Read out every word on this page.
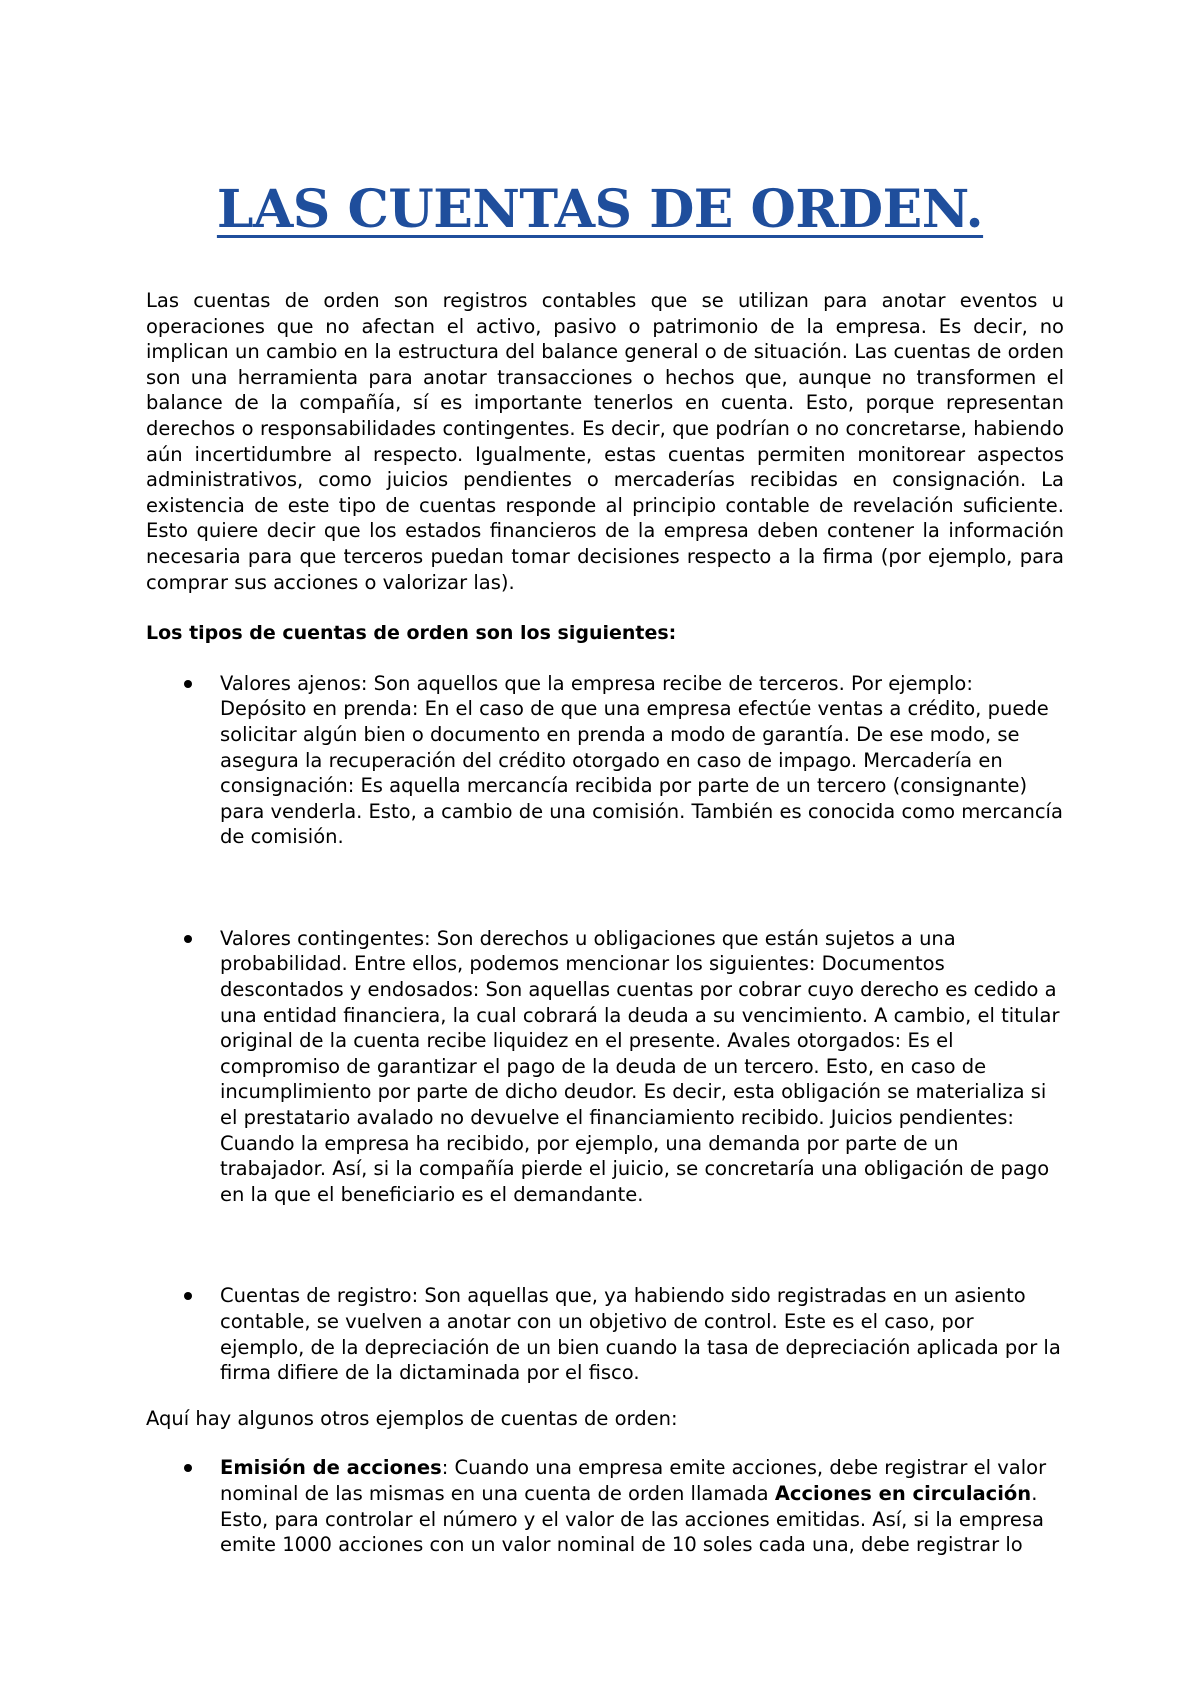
LAS CUENTAS DE ORDEN.

Las cuentas de orden son registros contables que se utilizan para anotar eventos u operaciones que no afectan el activo, pasivo o patrimonio de la empresa. Es decir, no implican un cambio en la estructura del balance general o de situación. Las cuentas de orden son una herramienta para anotar transacciones o hechos que, aunque no transformen el balance de la compañía, sí es importante tenerlos en cuenta. Esto, porque representan derechos o responsabilidades contingentes. Es decir, que podrían o no concretarse, habiendo aún incertidumbre al respecto. Igualmente, estas cuentas permiten monitorear aspectos administrativos, como juicios pendientes o mercaderías recibidas en consignación. La existencia de este tipo de cuentas responde al principio contable de revelación suficiente. Esto quiere decir que los estados financieros de la empresa deben contener la información necesaria para que terceros puedan tomar decisiones respecto a la firma (por ejemplo, para comprar sus acciones o valorizar las).

Los tipos de cuentas de orden son los siguientes:

Valores ajenos: Son aquellos que la empresa recibe de terceros. Por ejemplo: Depósito en prenda: En el caso de que una empresa efectúe ventas a crédito, puede solicitar algún bien o documento en prenda a modo de garantía. De ese modo, se asegura la recuperación del crédito otorgado en caso de impago. Mercadería en consignación: Es aquella mercancía recibida por parte de un tercero (consignante) para venderla. Esto, a cambio de una comisión. También es conocida como mercancía de comisión.
Valores contingentes: Son derechos u obligaciones que están sujetos a una probabilidad. Entre ellos, podemos mencionar los siguientes: Documentos descontados y endosados: Son aquellas cuentas por cobrar cuyo derecho es cedido a una entidad financiera, la cual cobrará la deuda a su vencimiento. A cambio, el titular original de la cuenta recibe liquidez en el presente. Avales otorgados: Es el compromiso de garantizar el pago de la deuda de un tercero. Esto, en caso de incumplimiento por parte de dicho deudor. Es decir, esta obligación se materializa si el prestatario avalado no devuelve el financiamiento recibido. Juicios pendientes: Cuando la empresa ha recibido, por ejemplo, una demanda por parte de un trabajador. Así, si la compañía pierde el juicio, se concretaría una obligación de pago en la que el beneficiario es el demandante.
Cuentas de registro: Son aquellas que, ya habiendo sido registradas en un asiento contable, se vuelven a anotar con un objetivo de control. Este es el caso, por ejemplo, de la depreciación de un bien cuando la tasa de depreciación aplicada por la firma difiere de la dictaminada por el fisco.

Aquí hay algunos otros ejemplos de cuentas de orden:

Emisión de acciones: Cuando una empresa emite acciones, debe registrar el valor nominal de las mismas en una cuenta de orden llamada Acciones en circulación. Esto, para controlar el número y el valor de las acciones emitidas. Así, si la empresa emite 1000 acciones con un valor nominal de 10 soles cada una, debe registrar lo
